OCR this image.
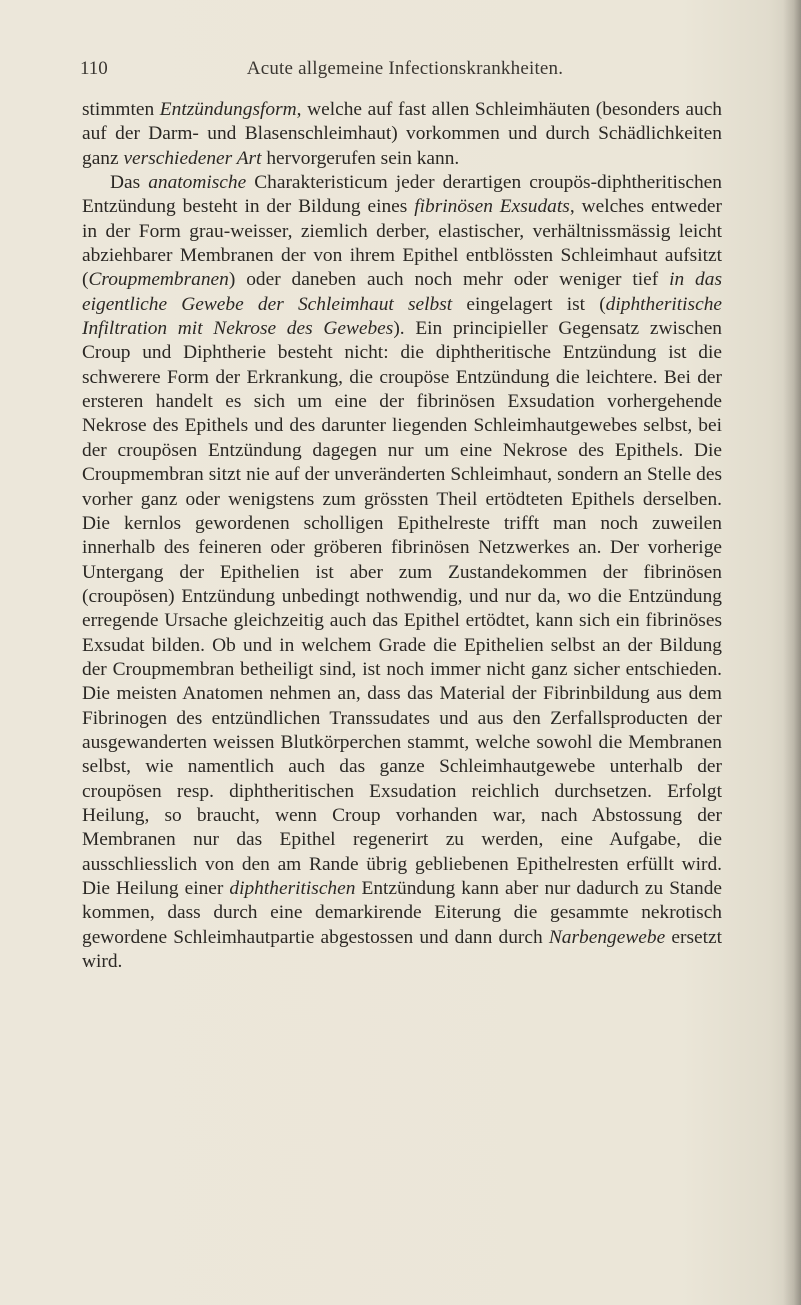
110	Acute allgemeine Infectionskrankheiten.

stimmten Entzündungsform, welche auf fast allen Schleimhäuten (besonders auch auf der Darm- und Blasenschleimhaut) vorkommen und durch Schädlichkeiten ganz verschiedener Art hervorgerufen sein kann.

Das anatomische Charakteristicum jeder derartigen croupös-diphtheritischen Entzündung besteht in der Bildung eines fibrinösen Exsudats, welches entweder in der Form grau-weisser, ziemlich derber, elastischer, verhältnissmässig leicht abziehbarer Membranen der von ihrem Epithel entblössten Schleimhaut aufsitzt (Croupmembranen) oder daneben auch noch mehr oder weniger tief in das eigentliche Gewebe der Schleimhaut selbst eingelagert ist (diphtheritische Infiltration mit Nekrose des Gewebes). Ein principieller Gegensatz zwischen Croup und Diphtherie besteht nicht: die diphtheritische Entzündung ist die schwerere Form der Erkrankung, die croupöse Entzündung die leichtere. Bei der ersteren handelt es sich um eine der fibrinösen Exsudation vorhergehende Nekrose des Epithels und des darunter liegenden Schleimhautgewebes selbst, bei der croupösen Entzündung dagegen nur um eine Nekrose des Epithels. Die Croupmembran sitzt nie auf der unveränderten Schleimhaut, sondern an Stelle des vorher ganz oder wenigstens zum grössten Theil ertödteten Epithels derselben. Die kernlos gewordenen scholligen Epithelreste trifft man noch zuweilen innerhalb des feineren oder gröberen fibrinösen Netzwerkes an. Der vorherige Untergang der Epithelien ist aber zum Zustandekommen der fibrinösen (croupösen) Entzündung unbedingt nothwendig, und nur da, wo die Entzündung erregende Ursache gleichzeitig auch das Epithel ertödtet, kann sich ein fibrinöses Exsudat bilden. Ob und in welchem Grade die Epithelien selbst an der Bildung der Croupmembran betheiligt sind, ist noch immer nicht ganz sicher entschieden. Die meisten Anatomen nehmen an, dass das Material der Fibrinbildung aus dem Fibrinogen des entzündlichen Transsudates und aus den Zerfallsproducten der ausgewanderten weissen Blutkörperchen stammt, welche sowohl die Membranen selbst, wie namentlich auch das ganze Schleimhautgewebe unterhalb der croupösen resp. diphtheritischen Exsudation reichlich durchsetzen. Erfolgt Heilung, so braucht, wenn Croup vorhanden war, nach Abstossung der Membranen nur das Epithel regenerirt zu werden, eine Aufgabe, die ausschliesslich von den am Rande übrig gebliebenen Epithelresten erfüllt wird. Die Heilung einer diphtheritischen Entzündung kann aber nur dadurch zu Stande kommen, dass durch eine demarkirende Eiterung die gesammte nekrotisch gewordene Schleimhautpartie abgestossen und dann durch Narbengewebe ersetzt wird.
